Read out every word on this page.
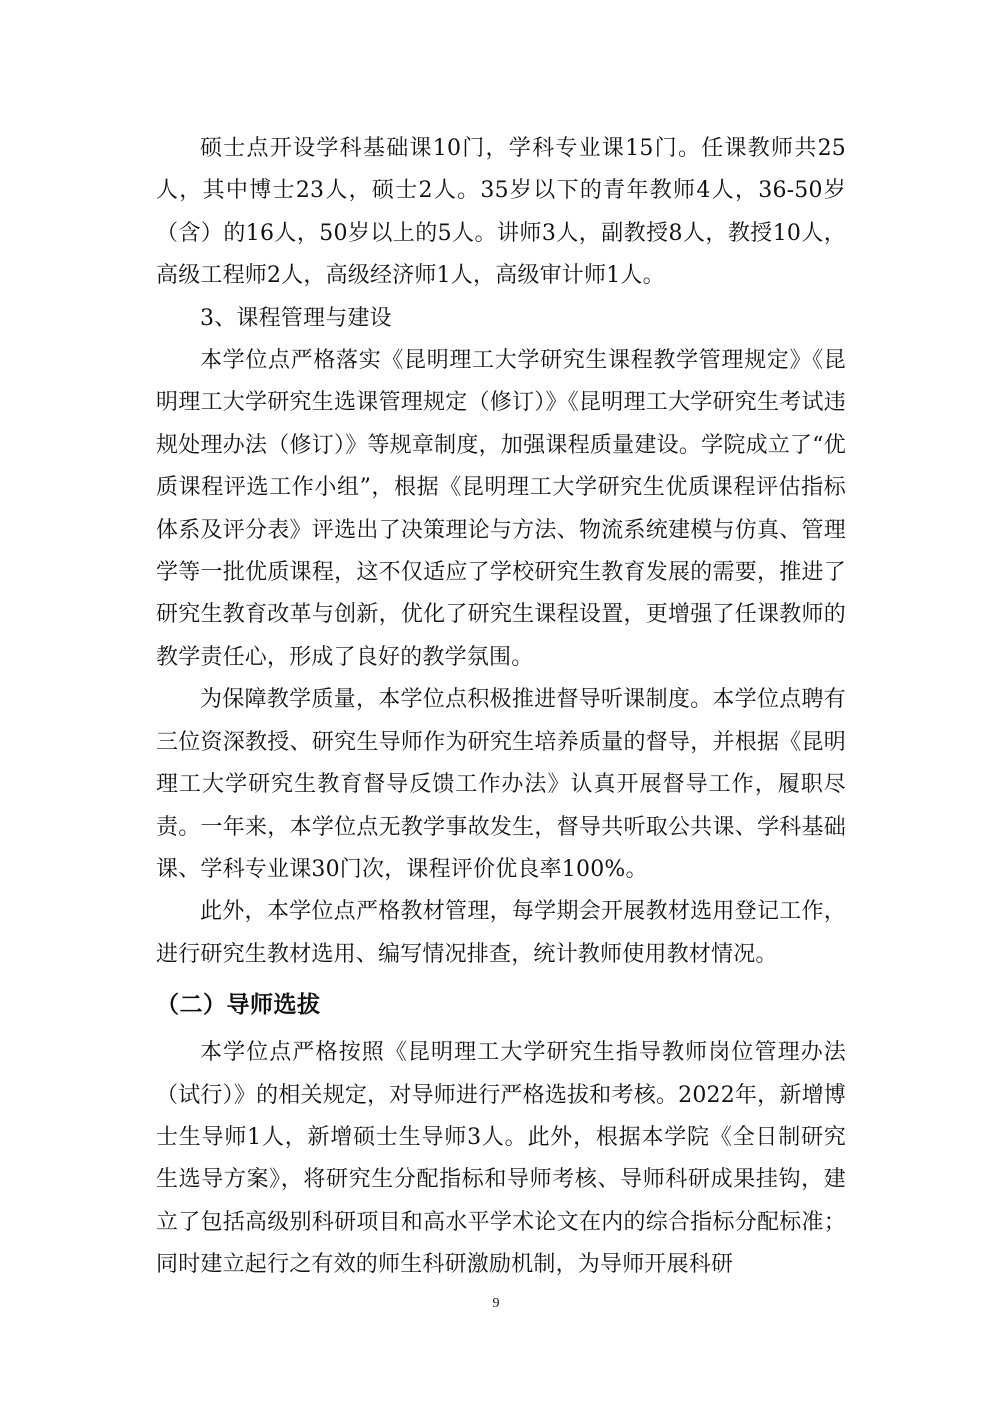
硕士点开设学科基础课10门，学科专业课15门。任课教师共25人，其中博士23人，硕士2人。35岁以下的青年教师4人，36-50岁（含）的16人，50岁以上的5人。讲师3人，副教授8人，教授10人，高级工程师2人，高级经济师1人，高级审计师1人。

3、课程管理与建设

本学位点严格落实《昆明理工大学研究生课程教学管理规定》《昆明理工大学研究生选课管理规定（修订）》《昆明理工大学研究生考试违规处理办法（修订）》等规章制度，加强课程质量建设。学院成立了“优质课程评选工作小组”，根据《昆明理工大学研究生优质课程评估指标体系及评分表》评选出了决策理论与方法、物流系统建模与仿真、管理学等一批优质课程，这不仅适应了学校研究生教育发展的需要，推进了研究生教育改革与创新，优化了研究生课程设置，更增强了任课教师的教学责任心，形成了良好的教学氛围。

为保障教学质量，本学位点积极推进督导听课制度。本学位点聘有三位资深教授、研究生导师作为研究生培养质量的督导，并根据《昆明理工大学研究生教育督导反馈工作办法》认真开展督导工作，履职尽责。一年来，本学位点无教学事故发生，督导共听取公共课、学科基础课、学科专业课30门次，课程评价优良率100%。

此外，本学位点严格教材管理，每学期会开展教材选用登记工作，进行研究生教材选用、编写情况排查，统计教师使用教材情况。

（二）导师选拔

本学位点严格按照《昆明理工大学研究生指导教师岗位管理办法（试行）》的相关规定，对导师进行严格选拔和考核。2022年，新增博士生导师1人，新增硕士生导师3人。此外，根据本学院《全日制研究生选导方案》，将研究生分配指标和导师考核、导师科研成果挂钩，建立了包括高级别科研项目和高水平学术论文在内的综合指标分配标准；同时建立起行之有效的师生科研激励机制，为导师开展科研

9
